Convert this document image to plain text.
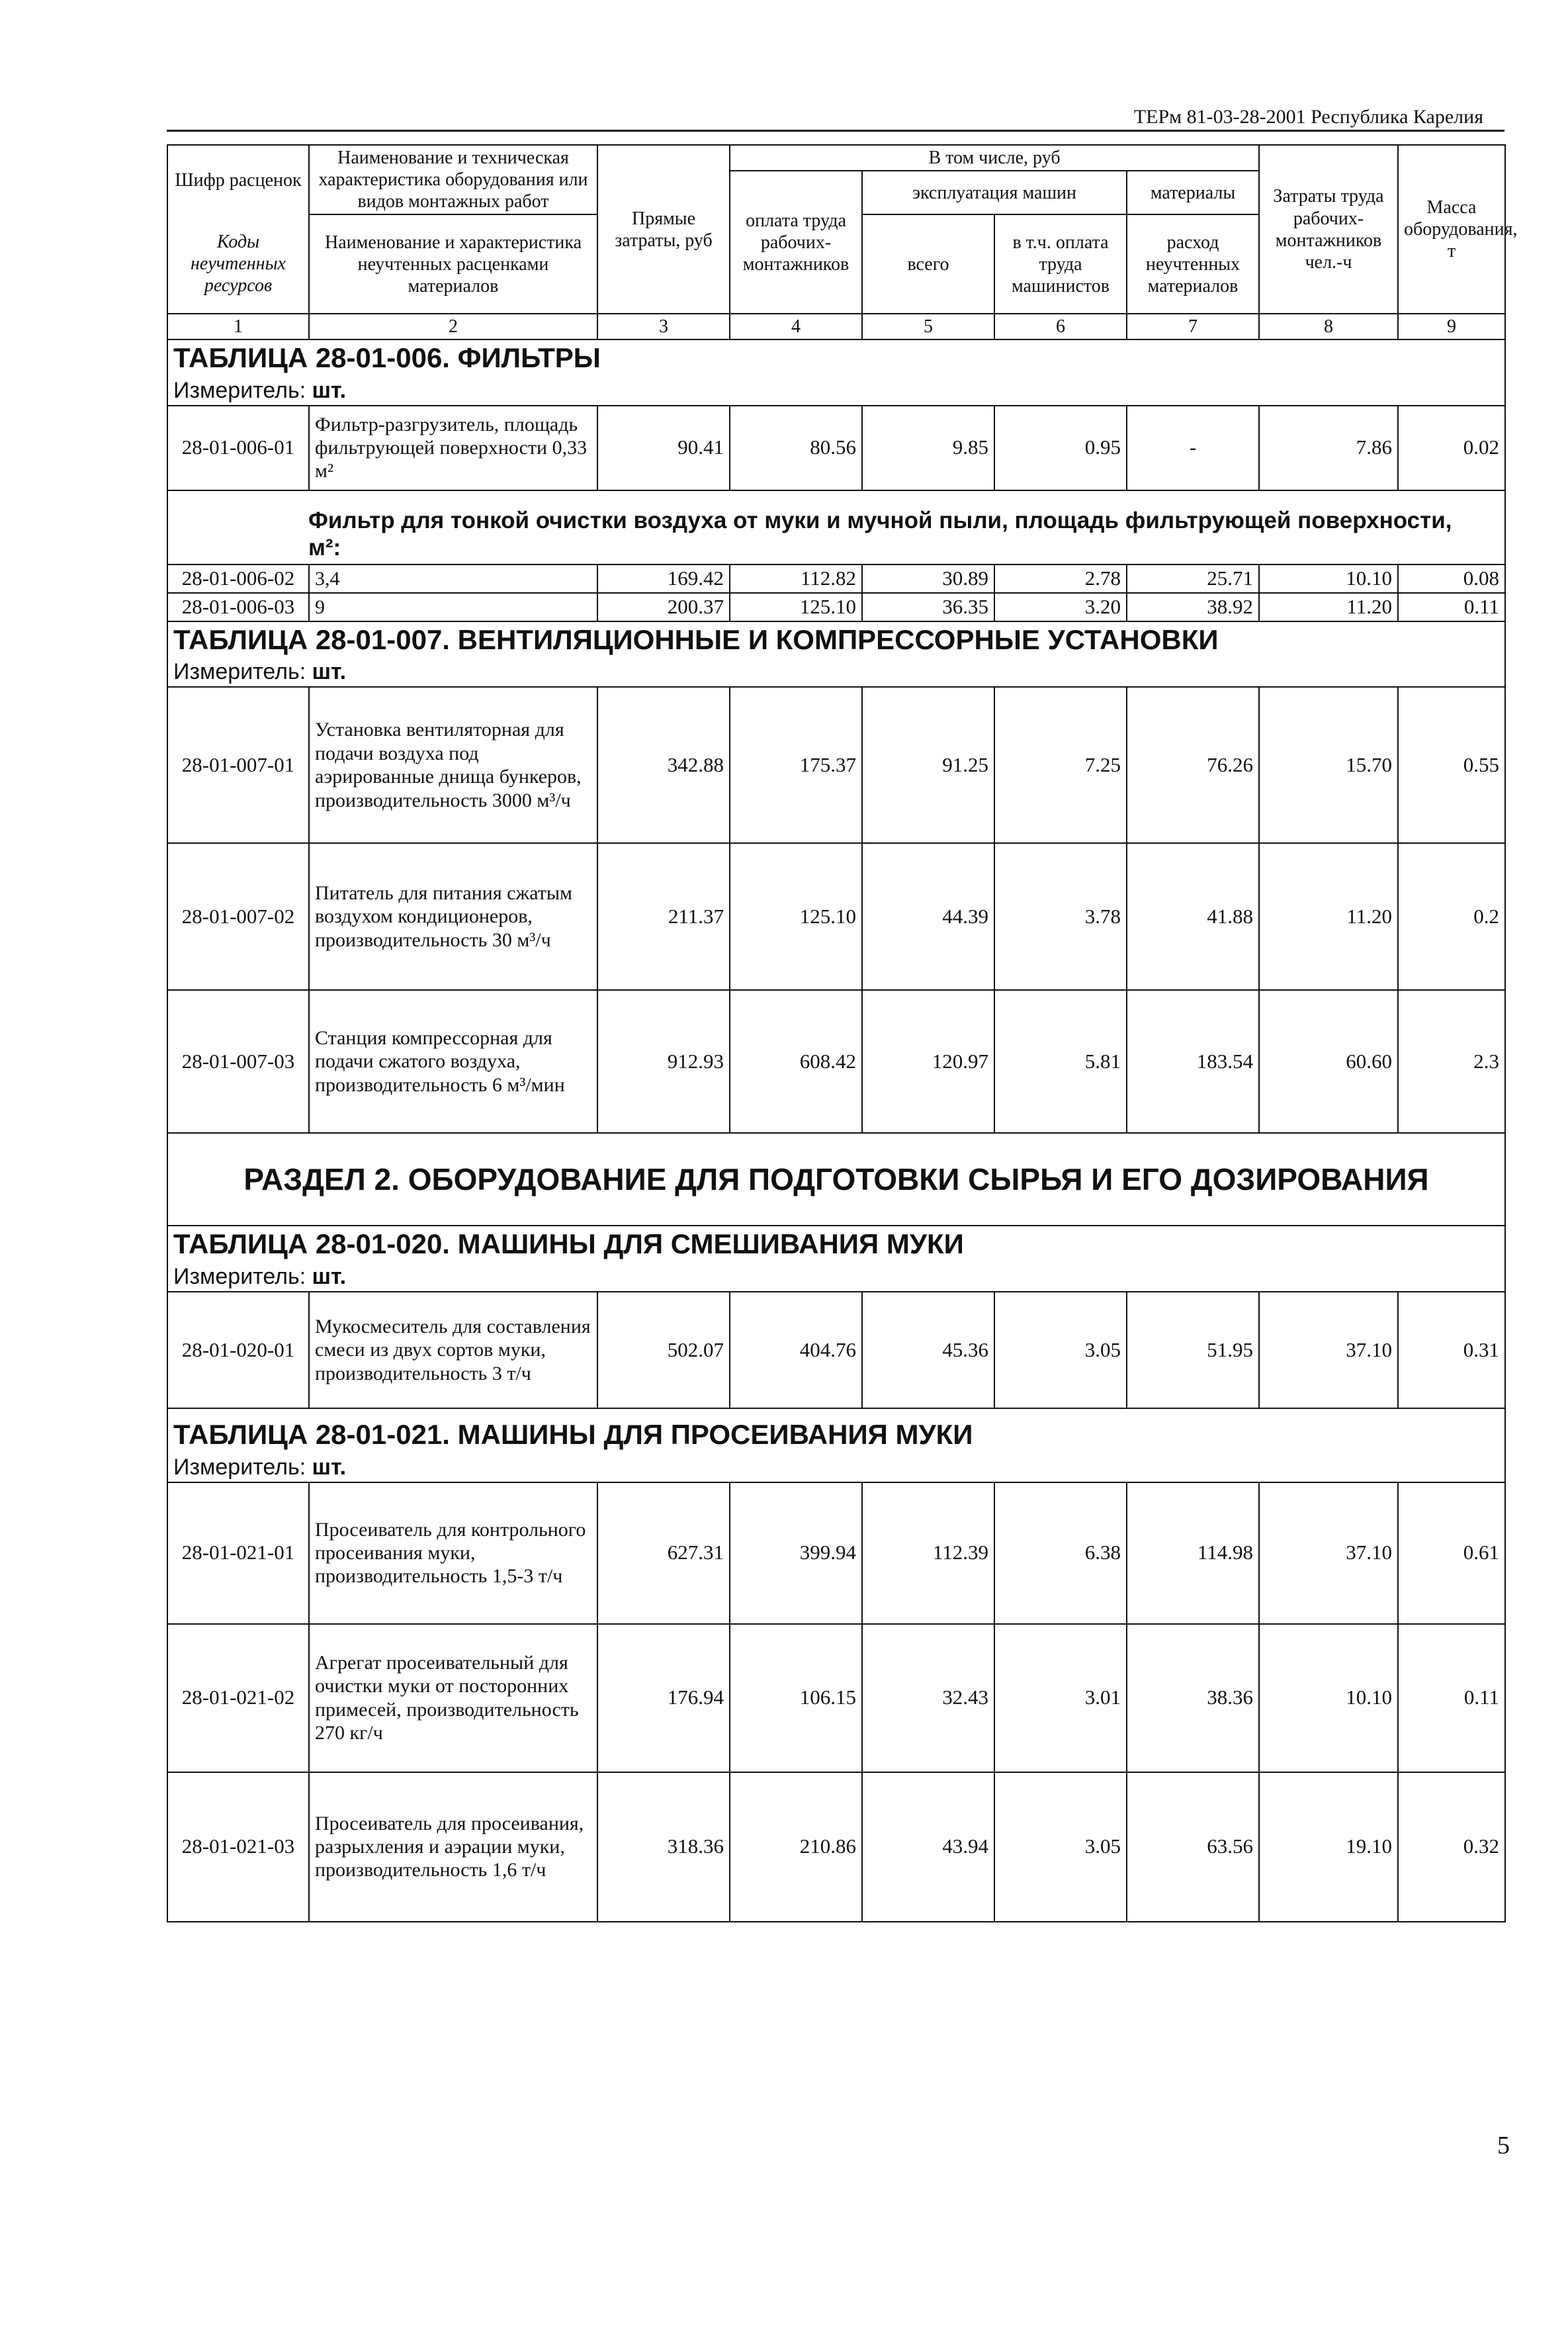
ТЕРм 81-03-28-2001 Республика Карелия
Шифр расценок	Наименование и техническая характеристика оборудования или видов монтажных работ	Прямые затраты, руб	В том числе, руб				Затраты труда рабочих-монтажников чел.-ч	Масса оборудования, т
			оплата труда рабочих-монтажников	эксплуатация машин		материалы		
Коды неучтенных ресурсов	Наименование и характеристика неучтенных расценками материалов			всего	в т.ч. оплата труда машинистов	расход неучтенных материалов		
1	2	3	4	5	6	7	8	9
ТАБЛИЦА 28-01-006. ФИЛЬТРЫ								
Измеритель: шт.								
28-01-006-01	Фильтр-разгрузитель, площадь фильтрующей поверхности 0,33 м²	90.41	80.56	9.85	0.95	-	7.86	0.02
Фильтр для тонкой очистки воздуха от муки и мучной пыли, площадь фильтрующей поверхности, м²:								
28-01-006-02	3,4	169.42	112.82	30.89	2.78	25.71	10.10	0.08
28-01-006-03	9	200.37	125.10	36.35	3.20	38.92	11.20	0.11
ТАБЛИЦА 28-01-007. ВЕНТИЛЯЦИОННЫЕ И КОМПРЕССОРНЫЕ УСТАНОВКИ								
Измеритель: шт.								
28-01-007-01	Установка вентиляторная для подачи воздуха под аэрированные днища бункеров, производительность 3000 м³/ч	342.88	175.37	91.25	7.25	76.26	15.70	0.55
28-01-007-02	Питатель для питания сжатым воздухом кондиционеров, производительность 30 м³/ч	211.37	125.10	44.39	3.78	41.88	11.20	0.2
28-01-007-03	Станция компрессорная для подачи сжатого воздуха, производительность 6 м³/мин	912.93	608.42	120.97	5.81	183.54	60.60	2.3
РАЗДЕЛ 2. ОБОРУДОВАНИЕ ДЛЯ ПОДГОТОВКИ СЫРЬЯ И ЕГО ДОЗИРОВАНИЯ								
ТАБЛИЦА 28-01-020. МАШИНЫ ДЛЯ СМЕШИВАНИЯ МУКИ								
Измеритель: шт.								
28-01-020-01	Мукосмеситель для составления смеси из двух сортов муки, производительность 3 т/ч	502.07	404.76	45.36	3.05	51.95	37.10	0.31
ТАБЛИЦА 28-01-021. МАШИНЫ ДЛЯ ПРОСЕИВАНИЯ МУКИ								
Измеритель: шт.								
28-01-021-01	Просеиватель для контрольного просеивания муки, производительность 1,5-3 т/ч	627.31	399.94	112.39	6.38	114.98	37.10	0.61
28-01-021-02	Агрегат просеивательный для очистки муки от посторонних примесей, производительность 270 кг/ч	176.94	106.15	32.43	3.01	38.36	10.10	0.11
28-01-021-03	Просеиватель для просеивания, разрыхления и аэрации муки, производительность 1,6 т/ч	318.36	210.86	43.94	3.05	63.56	19.10	0.32
5
